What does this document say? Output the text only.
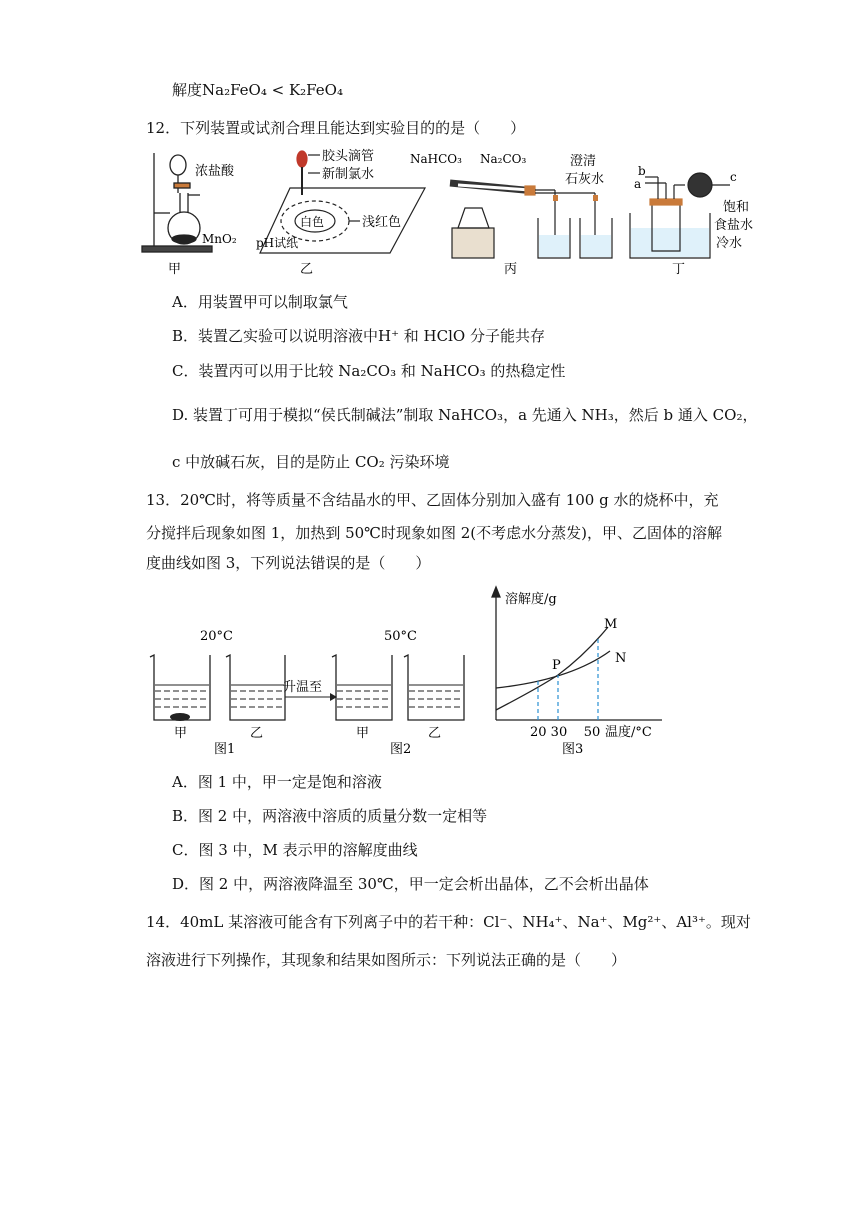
解度Na₂FeO₄ < K₂FeO₄
12．下列装置或试剂合理且能达到实验目的的是（　　）
浓盐酸
MnO₂
甲
胶头滴管
新制氯水
白色	浅红色
pH试纸
乙
NaHCO₃ Na₂CO₃	澄清
石灰水
丙
b
a	c
饱和
食盐水
冷水
丁
A．用装置甲可以制取氯气
B．装置乙实验可以说明溶液中H⁺ 和 HClO 分子能共存
C．装置丙可以用于比较 Na₂CO₃ 和 NaHCO₃ 的热稳定性
D. 装置丁可用于模拟“侯氏制碱法”制取 NaHCO₃，a 先通入 NH₃，然后 b 通入 CO₂，
c 中放碱石灰，目的是防止 CO₂ 污染环境
13．20℃时，将等质量不含结晶水的甲、乙固体分别加入盛有 100 g 水的烧杯中，充
分搅拌后现象如图 1，加热到 50℃时现象如图 2(不考虑水分蒸发)，甲、乙固体的溶解
度曲线如图 3，下列说法错误的是（　　）
20°C	50°C
升温至
甲	乙	甲	乙
图1	图2
溶解度/g
温度/°C
M
N
P
20 30    50
图3
A．图 1 中，甲一定是饱和溶液
B．图 2 中，两溶液中溶质的质量分数一定相等
C．图 3 中，M 表示甲的溶解度曲线
D．图 2 中，两溶液降温至 30℃，甲一定会析出晶体，乙不会析出晶体
14．40mL 某溶液可能含有下列离子中的若干种：Cl⁻、NH₄⁺、Na⁺、Mg²⁺、Al³⁺。现对
溶液进行下列操作，其现象和结果如图所示：下列说法正确的是（　　）
